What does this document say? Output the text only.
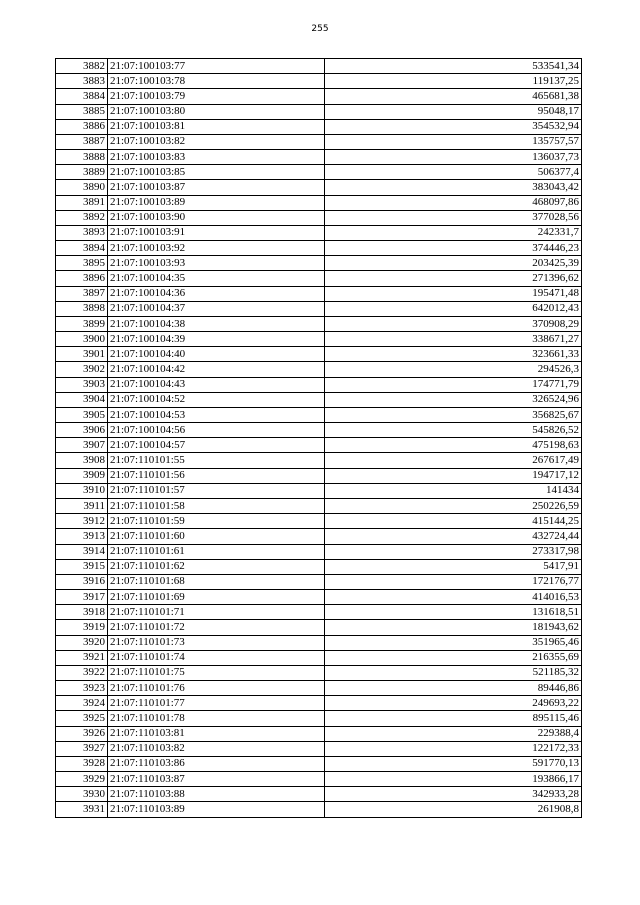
255
3882	21:07:100103:77	533541,34
3883	21:07:100103:78	119137,25
3884	21:07:100103:79	465681,38
3885	21:07:100103:80	95048,17
3886	21:07:100103:81	354532,94
3887	21:07:100103:82	135757,57
3888	21:07:100103:83	136037,73
3889	21:07:100103:85	506377,4
3890	21:07:100103:87	383043,42
3891	21:07:100103:89	468097,86
3892	21:07:100103:90	377028,56
3893	21:07:100103:91	242331,7
3894	21:07:100103:92	374446,23
3895	21:07:100103:93	203425,39
3896	21:07:100104:35	271396,62
3897	21:07:100104:36	195471,48
3898	21:07:100104:37	642012,43
3899	21:07:100104:38	370908,29
3900	21:07:100104:39	338671,27
3901	21:07:100104:40	323661,33
3902	21:07:100104:42	294526,3
3903	21:07:100104:43	174771,79
3904	21:07:100104:52	326524,96
3905	21:07:100104:53	356825,67
3906	21:07:100104:56	545826,52
3907	21:07:100104:57	475198,63
3908	21:07:110101:55	267617,49
3909	21:07:110101:56	194717,12
3910	21:07:110101:57	141434
3911	21:07:110101:58	250226,59
3912	21:07:110101:59	415144,25
3913	21:07:110101:60	432724,44
3914	21:07:110101:61	273317,98
3915	21:07:110101:62	5417,91
3916	21:07:110101:68	172176,77
3917	21:07:110101:69	414016,53
3918	21:07:110101:71	131618,51
3919	21:07:110101:72	181943,62
3920	21:07:110101:73	351965,46
3921	21:07:110101:74	216355,69
3922	21:07:110101:75	521185,32
3923	21:07:110101:76	89446,86
3924	21:07:110101:77	249693,22
3925	21:07:110101:78	895115,46
3926	21:07:110103:81	229388,4
3927	21:07:110103:82	122172,33
3928	21:07:110103:86	591770,13
3929	21:07:110103:87	193866,17
3930	21:07:110103:88	342933,28
3931	21:07:110103:89	261908,8
